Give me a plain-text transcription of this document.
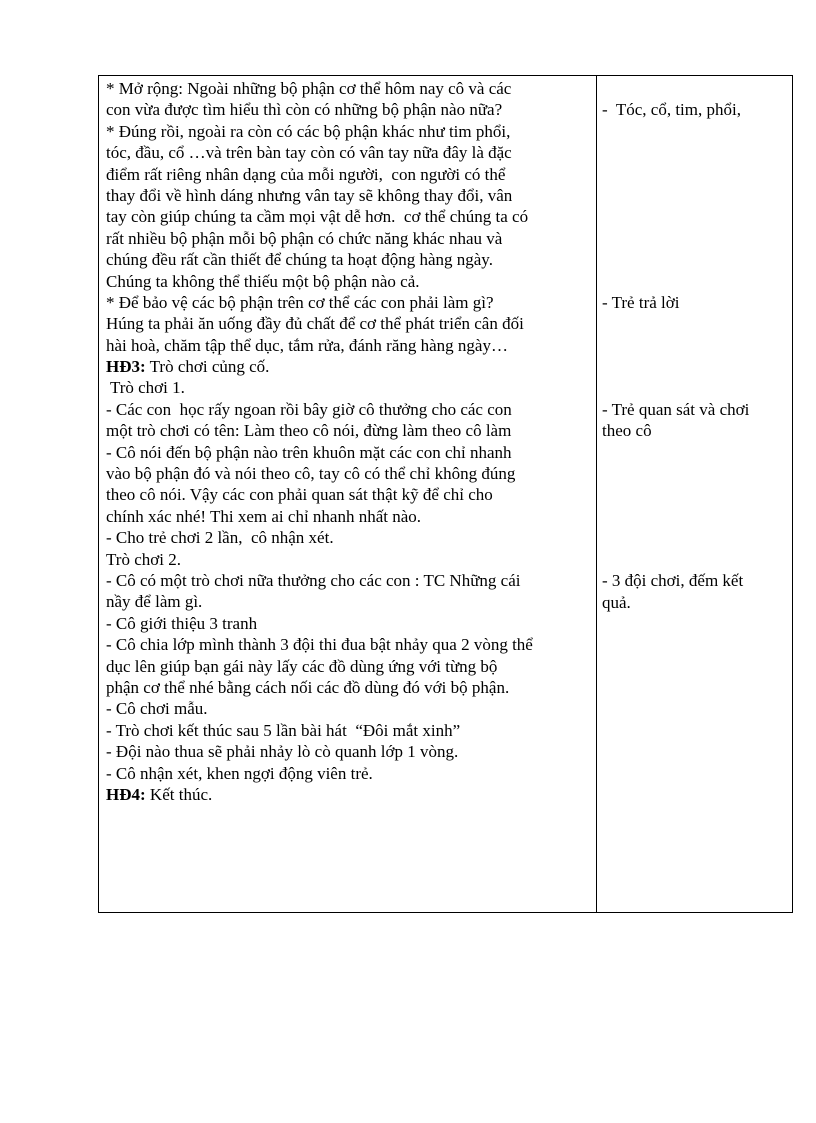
* Mở rộng: Ngoài những bộ phận cơ thể hôm nay cô và các
con vừa được tìm hiểu thì còn có những bộ phận nào nữa?
* Đúng rồi, ngoài ra còn có các bộ phận khác như tim phổi,
tóc, đầu, cổ …và trên bàn tay còn có vân tay nữa đây là đặc
điểm rất riêng nhân dạng của mỗi người,  con người có thể
thay đổi về hình dáng nhưng vân tay sẽ không thay đổi, vân
tay còn giúp chúng ta cầm mọi vật dễ hơn.  cơ thể chúng ta có
rất nhiều bộ phận mỗi bộ phận có chức năng khác nhau và
chúng đều rất cần thiết để chúng ta hoạt động hàng ngày.
Chúng ta không thể thiếu một bộ phận nào cả.
* Để bảo vệ các bộ phận trên cơ thể các con phải làm gì?
Húng ta phải ăn uống đầy đủ chất để cơ thể phát triển cân đối
hài hoà, chăm tập thể dục, tắm rửa, đánh răng hàng ngày…
HĐ3: Trò chơi củng cố.
Trò chơi 1.
- Các con  học rấy ngoan rồi bây giờ cô thưởng cho các con
một trò chơi có tên: Làm theo cô nói, đừng làm theo cô làm
- Cô nói đến bộ phận nào trên khuôn mặt các con chỉ nhanh
vào bộ phận đó và nói theo cô, tay cô có thể chỉ không đúng
theo cô nói. Vậy các con phải quan sát thật kỹ để chỉ cho
chính xác nhé! Thi xem ai chỉ nhanh nhất nào.
- Cho trẻ chơi 2 lần,  cô nhận xét.
Trò chơi 2.
- Cô có một trò chơi nữa thưởng cho các con : TC Những cái
nầy để làm gì.
- Cô giới thiệu 3 tranh
- Cô chia lớp mình thành 3 đội thi đua bật nhảy qua 2 vòng thể
dục lên giúp bạn gái này lấy các đồ dùng ứng với từng bộ
phận cơ thể nhé bằng cách nối các đồ dùng đó với bộ phận.
- Cô chơi mẫu.
- Trò chơi kết thúc sau 5 lần bài hát  “Đôi mắt xinh”
- Đội nào thua sẽ phải nhảy lò cò quanh lớp 1 vòng.
- Cô nhận xét, khen ngợi động viên trẻ.
HĐ4: Kết thúc.
-  Tóc, cổ, tim, phổi,
- Trẻ trả lời
- Trẻ quan sát và chơi
theo cô
- 3 đội chơi, đếm kết
quả.
